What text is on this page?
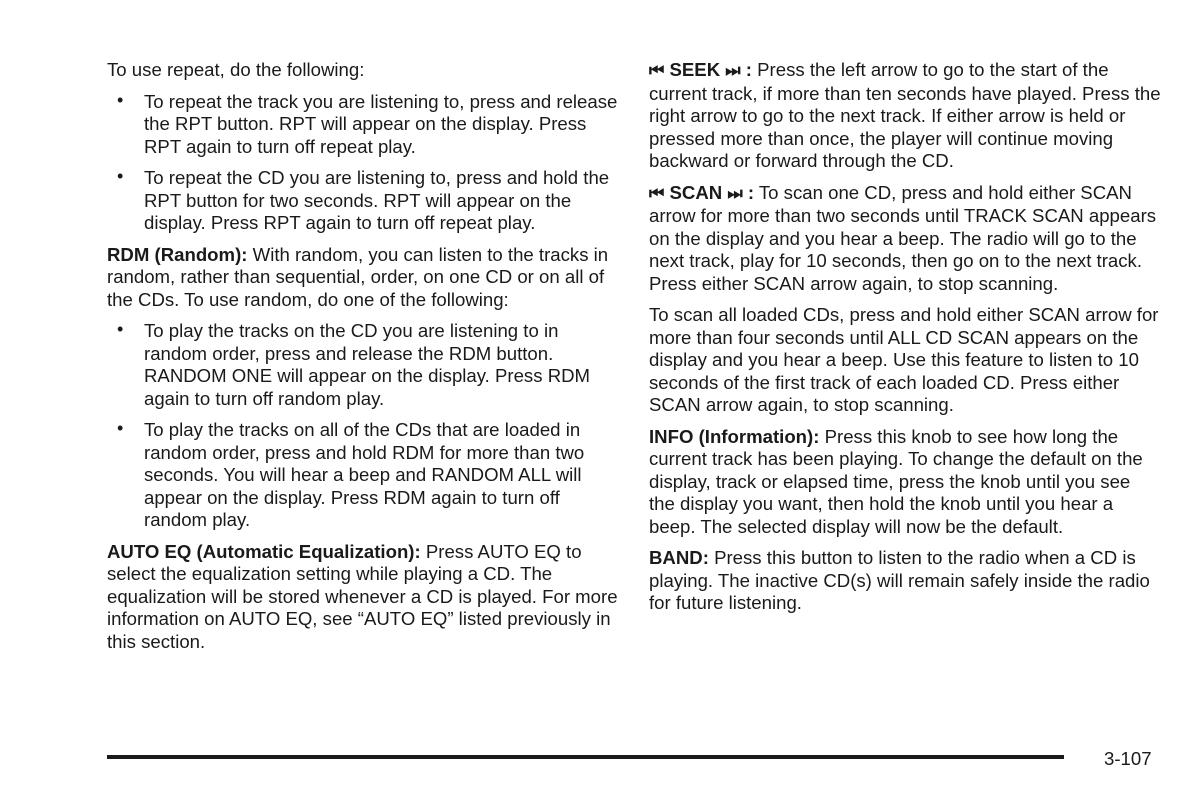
To use repeat, do the following:

• To repeat the track you are listening to, press and release the RPT button. RPT will appear on the display. Press RPT again to turn off repeat play.
• To repeat the CD you are listening to, press and hold the RPT button for two seconds. RPT will appear on the display. Press RPT again to turn off repeat play.

RDM (Random): With random, you can listen to the tracks in random, rather than sequential, order, on one CD or on all of the CDs. To use random, do one of the following:

• To play the tracks on the CD you are listening to in random order, press and release the RDM button. RANDOM ONE will appear on the display. Press RDM again to turn off random play.
• To play the tracks on all of the CDs that are loaded in random order, press and hold RDM for more than two seconds. You will hear a beep and RANDOM ALL will appear on the display. Press RDM again to turn off random play.

AUTO EQ (Automatic Equalization): Press AUTO EQ to select the equalization setting while playing a CD. The equalization will be stored whenever a CD is played. For more information on AUTO EQ, see “AUTO EQ” listed previously in this section.

⏮ SEEK ⏭ : Press the left arrow to go to the start of the current track, if more than ten seconds have played. Press the right arrow to go to the next track. If either arrow is held or pressed more than once, the player will continue moving backward or forward through the CD.

⏮ SCAN ⏭ : To scan one CD, press and hold either SCAN arrow for more than two seconds until TRACK SCAN appears on the display and you hear a beep. The radio will go to the next track, play for 10 seconds, then go on to the next track. Press either SCAN arrow again, to stop scanning.

To scan all loaded CDs, press and hold either SCAN arrow for more than four seconds until ALL CD SCAN appears on the display and you hear a beep. Use this feature to listen to 10 seconds of the first track of each loaded CD. Press either SCAN arrow again, to stop scanning.

INFO (Information): Press this knob to see how long the current track has been playing. To change the default on the display, track or elapsed time, press the knob until you see the display you want, then hold the knob until you hear a beep. The selected display will now be the default.

BAND: Press this button to listen to the radio when a CD is playing. The inactive CD(s) will remain safely inside the radio for future listening.

3-107
